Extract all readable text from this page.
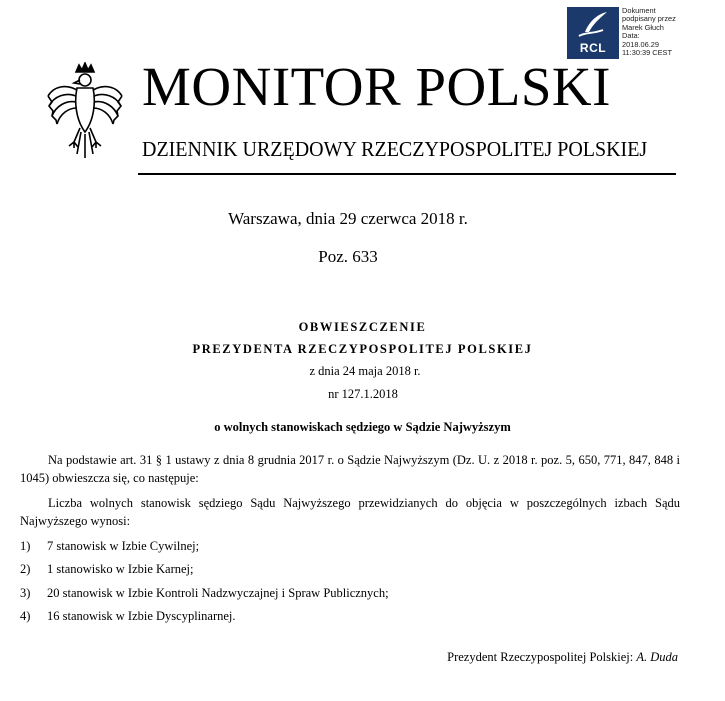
RCL
Dokument
podpisany przez
Marek Głuch
Data:
2018.06.29
11:30:39 CEST
MONITOR POLSKI
DZIENNIK URZĘDOWY RZECZYPOSPOLITEJ POLSKIEJ
Warszawa, dnia 29 czerwca 2018 r.
Poz. 633
OBWIESZCZENIE
PREZYDENTA RZECZYPOSPOLITEJ POLSKIEJ
z dnia 24 maja 2018 r.
nr 127.1.2018
o wolnych stanowiskach sędziego w Sądzie Najwyższym
Na podstawie art. 31 § 1 ustawy z dnia 8 grudnia 2017 r. o Sądzie Najwyższym (Dz. U. z 2018 r. poz. 5, 650, 771, 847, 848 i 1045) obwieszcza się, co następuje:
Liczba wolnych stanowisk sędziego Sądu Najwyższego przewidzianych do objęcia w poszczególnych izbach Sądu Najwyższego wynosi:
1) 7 stanowisk w Izbie Cywilnej;
2) 1 stanowisko w Izbie Karnej;
3) 20 stanowisk w Izbie Kontroli Nadzwyczajnej i Spraw Publicznych;
4) 16 stanowisk w Izbie Dyscyplinarnej.
Prezydent Rzeczypospolitej Polskiej: A. Duda
